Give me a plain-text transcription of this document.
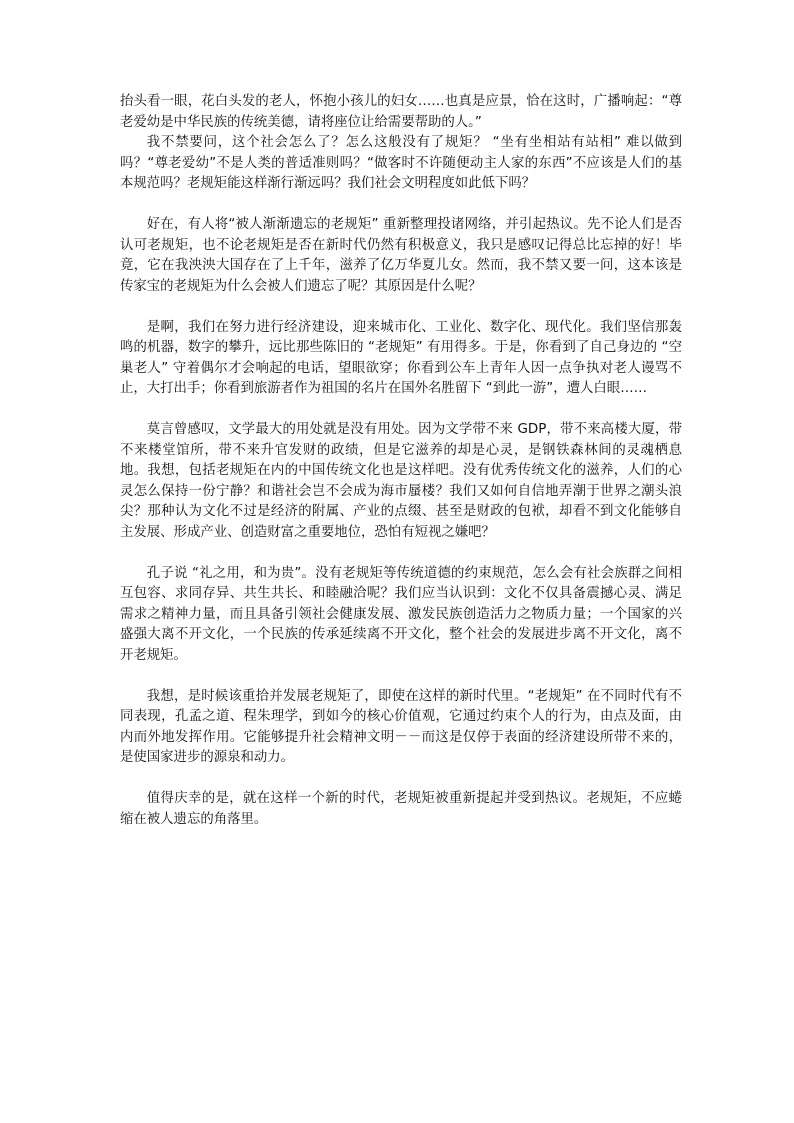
抬头看一眼，花白头发的老人，怀抱小孩儿的妇女……也真是应景，恰在这时，广播响起：“尊老爱幼是中华民族的传统美德，请将座位让给需要帮助的人。”

我不禁要问，这个社会怎么了？怎么这般没有了规矩？ “坐有坐相站有站相” 难以做到吗？“尊老爱幼”不是人类的普适准则吗？“做客时不许随便动主人家的东西”不应该是人们的基本规范吗？老规矩能这样渐行渐远吗？我们社会文明程度如此低下吗？

好在，有人将“被人渐渐遗忘的老规矩” 重新整理投诸网络，并引起热议。先不论人们是否认可老规矩，也不论老规矩是否在新时代仍然有积极意义，我只是感叹记得总比忘掉的好！毕竟，它在我泱泱大国存在了上千年，滋养了亿万华夏儿女。然而，我不禁又要一问，这本该是传家宝的老规矩为什么会被人们遗忘了呢？其原因是什么呢？

是啊，我们在努力进行经济建设，迎来城市化、工业化、数字化、现代化。我们坚信那轰鸣的机器，数字的攀升，远比那些陈旧的 “老规矩” 有用得多。于是，你看到了自己身边的 “空巢老人” 守着偶尔才会响起的电话，望眼欲穿；你看到公车上青年人因一点争执对老人谩骂不止，大打出手；你看到旅游者作为祖国的名片在国外名胜留下 “到此一游”，遭人白眼……

莫言曾感叹，文学最大的用处就是没有用处。因为文学带不来 GDP，带不来高楼大厦，带不来楼堂馆所，带不来升官发财的政绩，但是它滋养的却是心灵，是钢铁森林间的灵魂栖息地。我想，包括老规矩在内的中国传统文化也是这样吧。没有优秀传统文化的滋养，人们的心灵怎么保持一份宁静？和谐社会岂不会成为海市蜃楼？我们又如何自信地弄潮于世界之潮头浪尖？那种认为文化不过是经济的附属、产业的点缀、甚至是财政的包袱，却看不到文化能够自主发展、形成产业、创造财富之重要地位，恐怕有短视之嫌吧？

孔子说 “礼之用，和为贵”。没有老规矩等传统道德的约束规范，怎么会有社会族群之间相互包容、求同存异、共生共长、和睦融洽呢？我们应当认识到：文化不仅具备震撼心灵、满足需求之精神力量，而且具备引领社会健康发展、激发民族创造活力之物质力量；一个国家的兴盛强大离不开文化，一个民族的传承延续离不开文化，整个社会的发展进步离不开文化，离不开老规矩。

我想，是时候该重拾并发展老规矩了，即使在这样的新时代里。“老规矩” 在不同时代有不同表现，孔孟之道、程朱理学，到如今的核心价值观，它通过约束个人的行为，由点及面，由内而外地发挥作用。它能够提升社会精神文明－－而这是仅停于表面的经济建设所带不来的，是使国家进步的源泉和动力。

值得庆幸的是，就在这样一个新的时代，老规矩被重新提起并受到热议。老规矩，不应蜷缩在被人遗忘的角落里。
